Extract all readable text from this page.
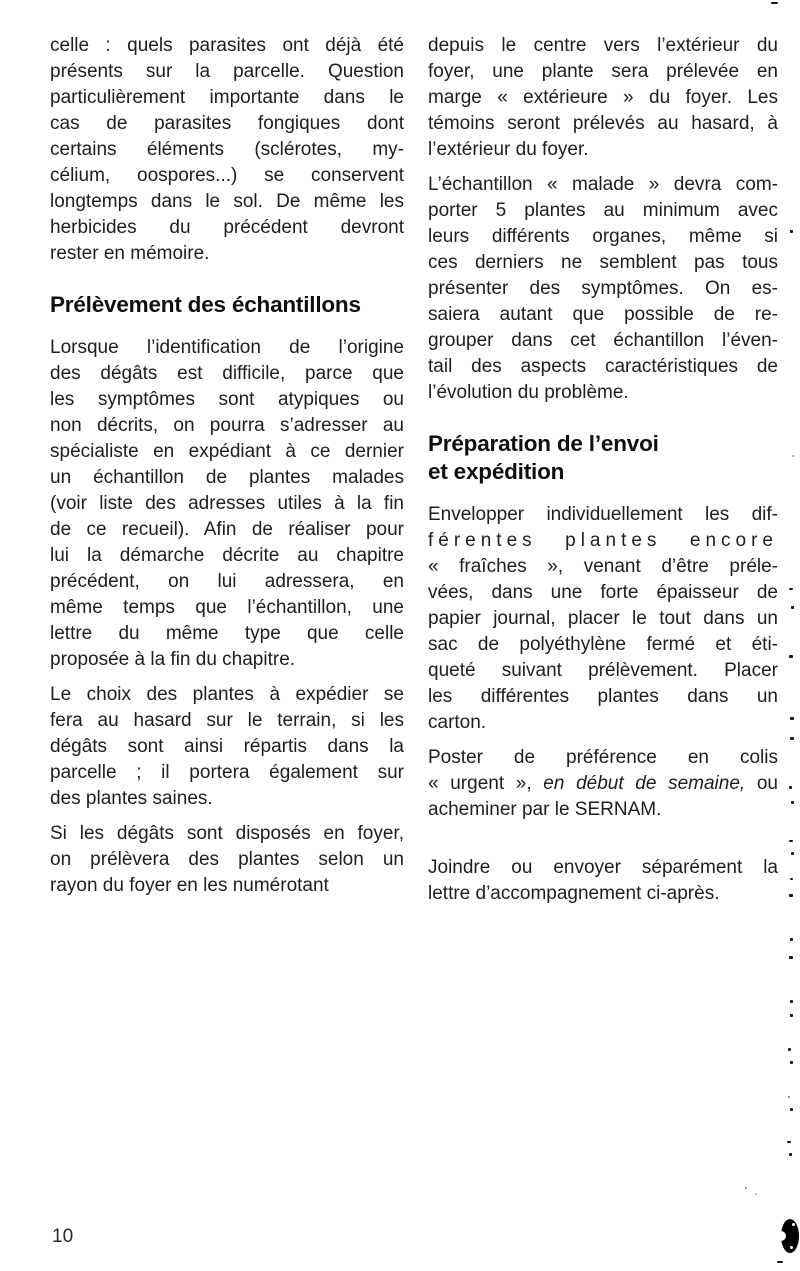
celle : quels parasites ont déjà été
présents sur la parcelle. Question
particulièrement importante dans le
cas de parasites fongiques dont
certains éléments (sclérotes, my-
célium, oospores...) se conservent
longtemps dans le sol. De même les
herbicides du précédent devront
rester en mémoire.

Prélèvement des échantillons

Lorsque l’identification de l’origine
des dégâts est difficile, parce que
les symptômes sont atypiques ou
non décrits, on pourra s’adresser au
spécialiste en expédiant à ce dernier
un échantillon de plantes malades
(voir liste des adresses utiles à la fin
de ce recueil). Afin de réaliser pour
lui la démarche décrite au chapitre
précédent, on lui adressera, en
même temps que l’échantillon, une
lettre du même type que celle
proposée à la fin du chapitre.

Le choix des plantes à expédier se
fera au hasard sur le terrain, si les
dégâts sont ainsi répartis dans la
parcelle ; il portera également sur
des plantes saines.

Si les dégâts sont disposés en foyer,
on prélèvera des plantes selon un
rayon du foyer en les numérotant

depuis le centre vers l’extérieur du
foyer, une plante sera prélevée en
marge « extérieure » du foyer. Les
témoins seront prélevés au hasard, à
l’extérieur du foyer.

L’échantillon « malade » devra com-
porter 5 plantes au minimum avec
leurs différents organes, même si
ces derniers ne semblent pas tous
présenter des symptômes. On es-
saiera autant que possible de re-
grouper dans cet échantillon l’éven-
tail des aspects caractéristiques de
l’évolution du problème.

Préparation de l’envoi
et expédition

Envelopper individuellement les dif-
férentes plantes encore
« fraîches », venant d’être préle-
vées, dans une forte épaisseur de
papier journal, placer le tout dans un
sac de polyéthylène fermé et éti-
queté suivant prélèvement. Placer
les différentes plantes dans un
carton.

Poster de préférence en colis
« urgent », en début de semaine, ou
acheminer par le SERNAM.

Joindre ou envoyer séparément la
lettre d’accompagnement ci-après.

10
